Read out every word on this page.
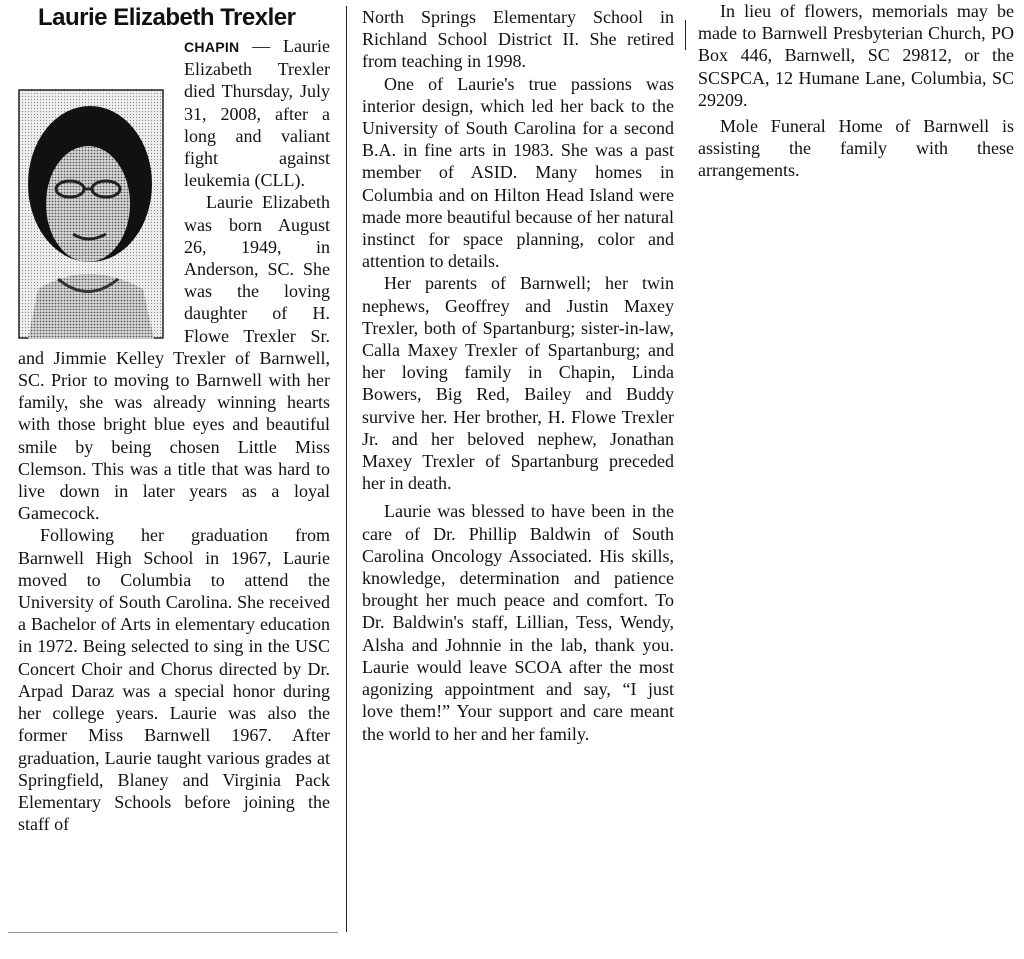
Laurie Elizabeth Trexler

CHAPIN — Laurie Elizabeth Trexler died Thursday, July 31, 2008, after a long and valiant fight against leukemia (CLL).

Laurie Elizabeth was born August 26, 1949, in Anderson, SC. She was the loving daughter of H. Flowe Trexler Sr. and Jimmie Kelley Trexler of Barnwell, SC. Prior to moving to Barnwell with her family, she was already winning hearts with those bright blue eyes and beautiful smile by being chosen Little Miss Clemson. This was a title that was hard to live down in later years as a loyal Gamecock.

Following her graduation from Barnwell High School in 1967, Laurie moved to Columbia to attend the University of South Carolina. She received a Bachelor of Arts in elementary education in 1972. Being selected to sing in the USC Concert Choir and Chorus directed by Dr. Arpad Daraz was a special honor during her college years. Laurie was also the former Miss Barnwell 1967. After graduation, Laurie taught various grades at Springfield, Blaney and Virginia Pack Elementary Schools before joining the staff of

North Springs Elementary School in Richland School District II. She retired from teaching in 1998.

One of Laurie's true passions was interior design, which led her back to the University of South Carolina for a second B.A. in fine arts in 1983. She was a past member of ASID. Many homes in Columbia and on Hilton Head Island were made more beautiful because of her natural instinct for space planning, color and attention to details.

Her parents of Barnwell; her twin nephews, Geoffrey and Justin Maxey Trexler, both of Spartanburg; sister-in-law, Calla Maxey Trexler of Spartanburg; and her loving family in Chapin, Linda Bowers, Big Red, Bailey and Buddy survive her. Her brother, H. Flowe Trexler Jr. and her beloved nephew, Jonathan Maxey Trexler of Spartanburg preceded her in death.

Laurie was blessed to have been in the care of Dr. Phillip Baldwin of South Carolina Oncology Associated. His skills, knowledge, determination and patience brought her much peace and comfort. To Dr. Baldwin's staff, Lillian, Tess, Wendy, Alsha and Johnnie in the lab, thank you. Laurie would leave SCOA after the most agonizing appointment and say, “I just love them!” Your support and care meant the world to her and her family.

In lieu of flowers, memorials may be made to Barnwell Presbyterian Church, PO Box 446, Barnwell, SC 29812, or the SCSPCA, 12 Humane Lane, Columbia, SC 29209.

Mole Funeral Home of Barnwell is assisting the family with these arrangements.
